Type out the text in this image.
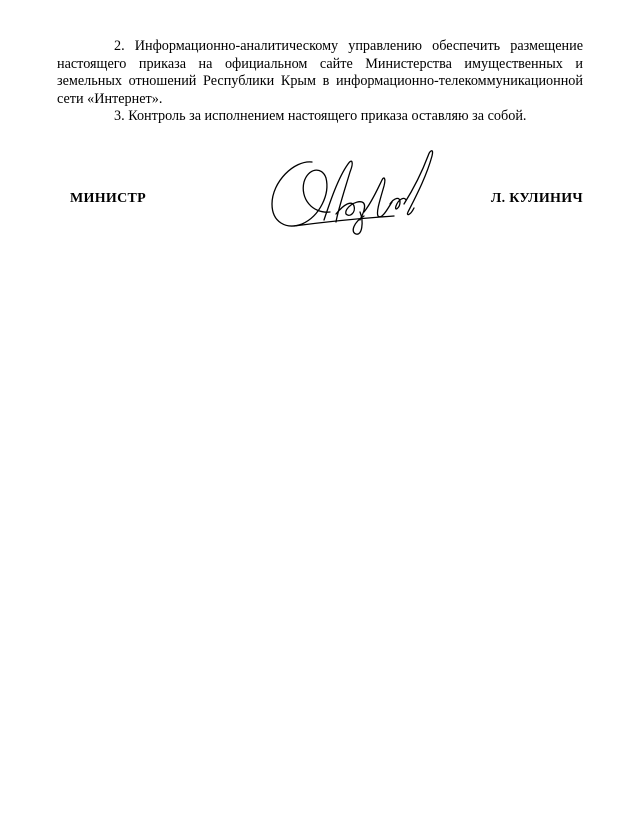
2. Информационно-аналитическому управлению обеспечить размещение настоящего приказа на официальном сайте Министерства имущественных и земельных отношений Республики Крым в информационно-телекоммуникационной сети «Интернет».

3. Контроль за исполнением настоящего приказа оставляю за собой.

МИНИСТР	Л. КУЛИНИЧ
